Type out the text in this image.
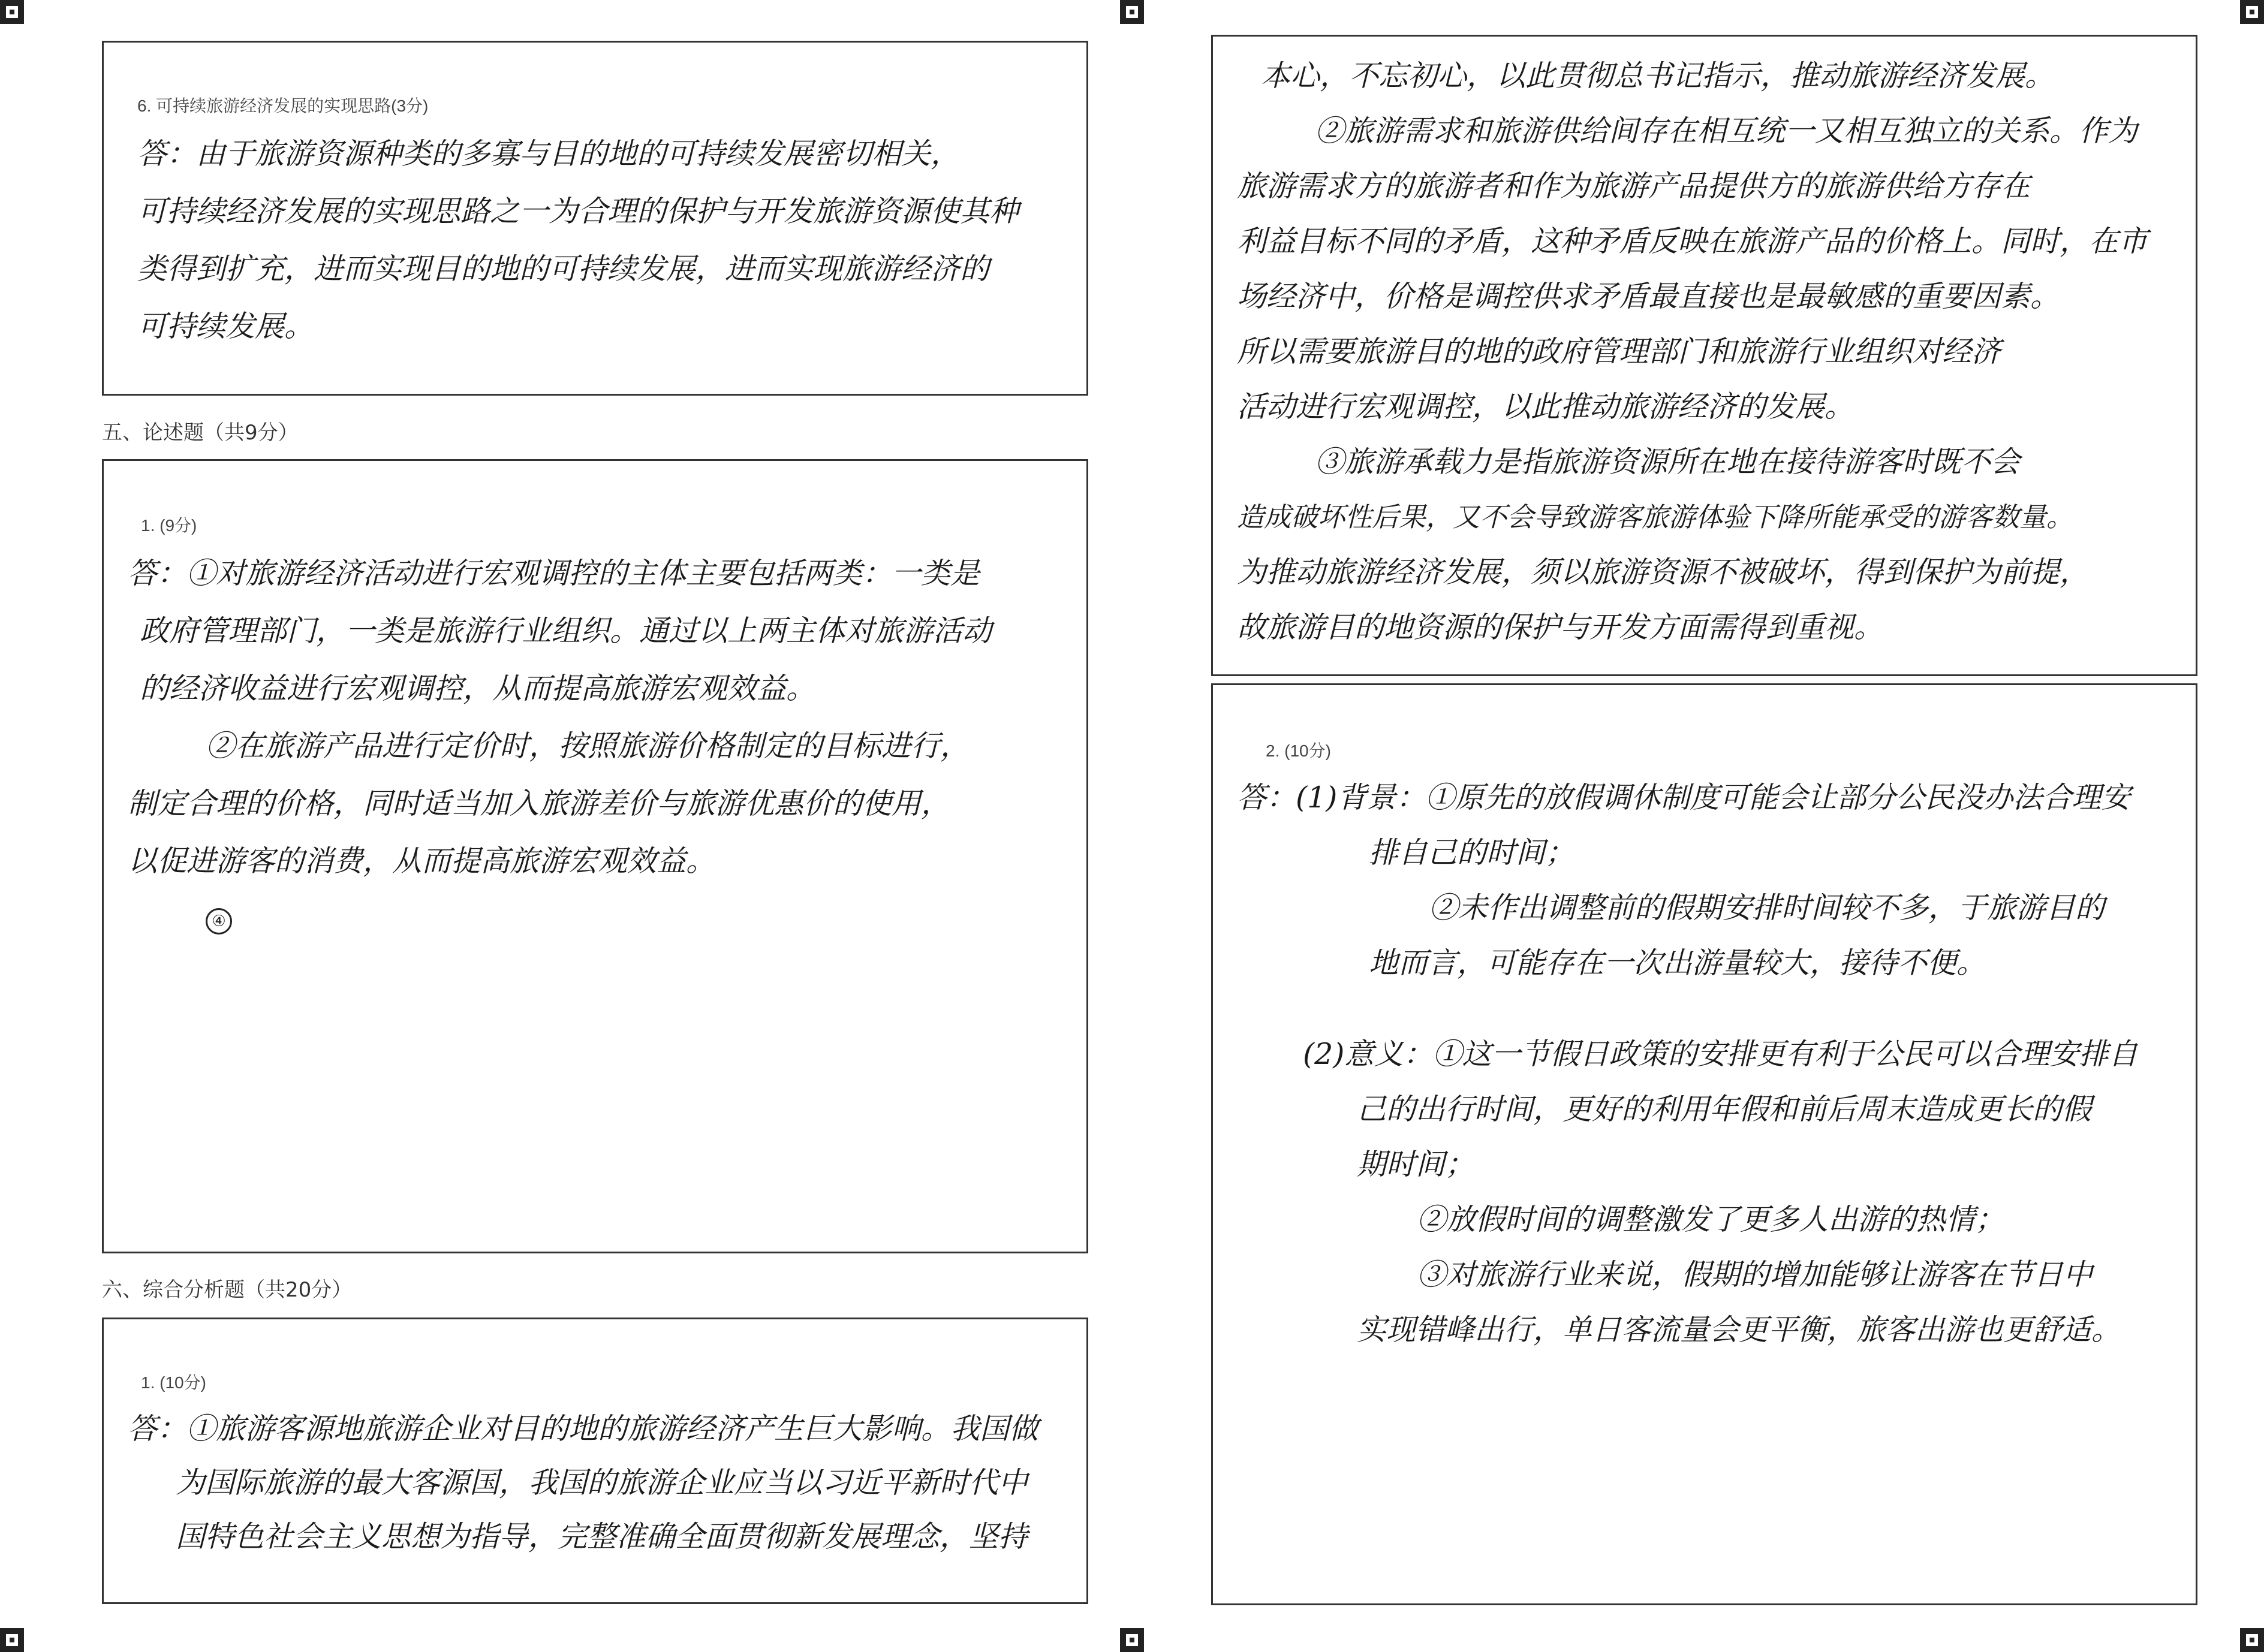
6. 可持续旅游经济发展的实现思路(3分)

答：由于旅游资源种类的多寡与目的地的可持续发展密切相关，

可持续经济发展的实现思路之一为合理的保护与开发旅游资源使其种

类得到扩充，进而实现目的地的可持续发展，进而实现旅游经济的

可持续发展。

五、论述题（共9分）
1. (9分)

答：①对旅游经济活动进行宏观调控的主体主要包括两类：一类是

政府管理部门，一类是旅游行业组织。通过以上两主体对旅游活动

的经济收益进行宏观调控，从而提高旅游宏观效益。

②在旅游产品进行定价时，按照旅游价格制定的目标进行，

制定合理的价格，同时适当加入旅游差价与旅游优惠价的使用，

以促进游客的消费，从而提高旅游宏观效益。

④
六、综合分析题（共20分）
1. (10分)

答：①旅游客源地旅游企业对目的地的旅游经济产生巨大影响。我国做

为国际旅游的最大客源国，我国的旅游企业应当以习近平新时代中

国特色社会主义思想为指导，完整准确全面贯彻新发展理念，坚持

本心，不忘初心，以此贯彻总书记指示，推动旅游经济发展。

②旅游需求和旅游供给间存在相互统一又相互独立的关系。作为

旅游需求方的旅游者和作为旅游产品提供方的旅游供给方存在

利益目标不同的矛盾，这种矛盾反映在旅游产品的价格上。同时，在市

场经济中，价格是调控供求矛盾最直接也是最敏感的重要因素。

所以需要旅游目的地的政府管理部门和旅游行业组织对经济

活动进行宏观调控，以此推动旅游经济的发展。

③旅游承载力是指旅游资源所在地在接待游客时既不会

造成破坏性后果，又不会导致游客旅游体验下降所能承受的游客数量。

为推动旅游经济发展，须以旅游资源不被破坏，得到保护为前提，

故旅游目的地资源的保护与开发方面需得到重视。

2. (10分)

答：(1)背景：①原先的放假调休制度可能会让部分公民没办法合理安

排自己的时间；

②未作出调整前的假期安排时间较不多，于旅游目的

地而言，可能存在一次出游量较大，接待不便。

(2)意义：①这一节假日政策的安排更有利于公民可以合理安排自

己的出行时间，更好的利用年假和前后周末造成更长的假

期时间；

②放假时间的调整激发了更多人出游的热情；

③对旅游行业来说，假期的增加能够让游客在节日中

实现错峰出行，单日客流量会更平衡，旅客出游也更舒适。
